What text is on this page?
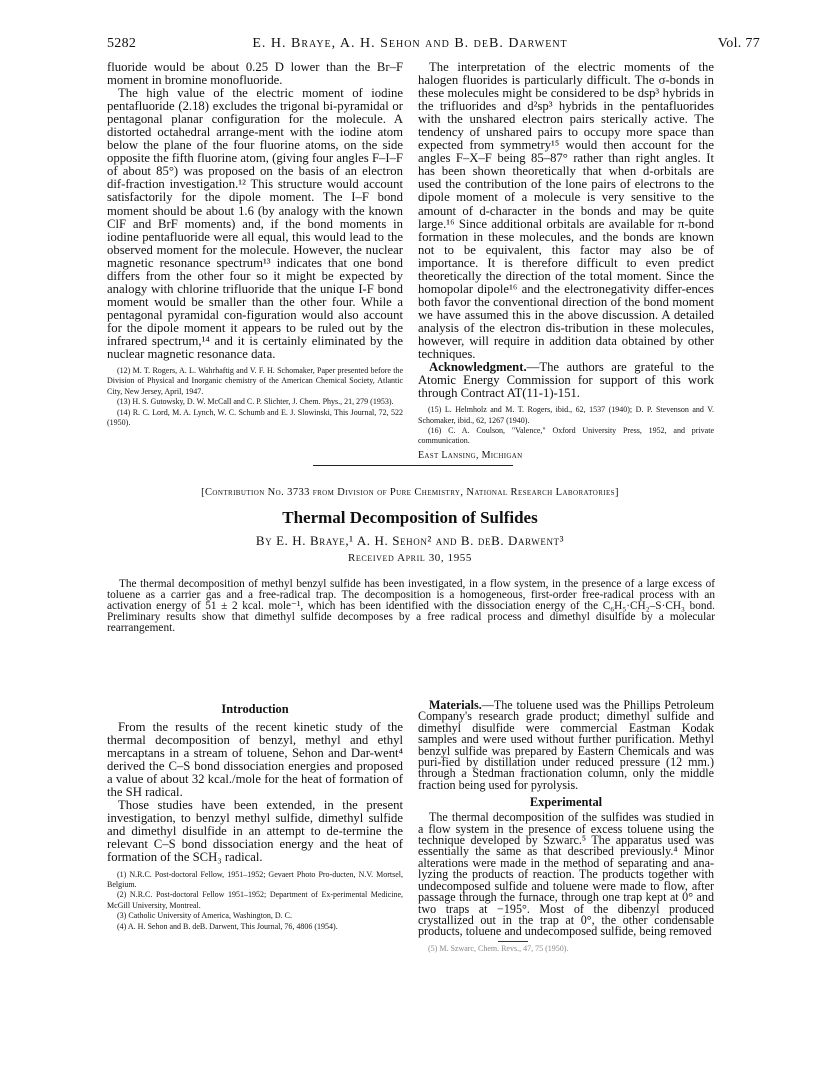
5282	E. H. Braye, A. H. Sehon and B. deB. Darwent	Vol. 77

fluoride would be about 0.25 D lower than the Br–F moment in bromine monofluoride.

The high value of the electric moment of iodine pentafluoride (2.18) excludes the trigonal bi-pyramidal or pentagonal planar configuration for the molecule. A distorted octahedral arrange-ment with the iodine atom below the plane of the four fluorine atoms, on the side opposite the fifth fluorine atom, (giving four angles F–I–F of about 85°) was proposed on the basis of an electron dif-fraction investigation.¹² This structure would account satisfactorily for the dipole moment. The I–F bond moment should be about 1.6 (by analogy with the known ClF and BrF moments) and, if the bond moments in iodine pentafluoride were all equal, this would lead to the observed moment for the molecule. However, the nuclear magnetic resonance spectrum¹³ indicates that one bond differs from the other four so it might be expected by analogy with chlorine trifluoride that the unique I-F bond moment would be smaller than the other four. While a pentagonal pyramidal con-figuration would also account for the dipole moment it appears to be ruled out by the infrared spectrum,¹⁴ and it is certainly eliminated by the nuclear magnetic resonance data.

(12) M. T. Rogers, A. L. Wahrhaftig and V. F. H. Schomaker, Paper presented before the Division of Physical and Inorganic chemistry of the American Chemical Society, Atlantic City, New Jersey, April, 1947.

(13) H. S. Gutowsky, D. W. McCall and C. P. Slichter, J. Chem. Phys., 21, 279 (1953).

(14) R. C. Lord, M. A. Lynch, W. C. Schumb and E. J. Slowinski, This Journal, 72, 522 (1950).

The interpretation of the electric moments of the halogen fluorides is particularly difficult. The σ-bonds in these molecules might be considered to be dsp³ hybrids in the trifluorides and d²sp³ hybrids in the pentafluorides with the unshared electron pairs sterically active. The tendency of unshared pairs to occupy more space than expected from symmetry¹⁵ would then account for the angles F–X–F being 85–87° rather than right angles. It has been shown theoretically that when d-orbitals are used the contribution of the lone pairs of electrons to the dipole moment of a molecule is very sensitive to the amount of d-character in the bonds and may be quite large.¹⁶ Since additional orbitals are available for π-bond formation in these molecules, and the bonds are known not to be equivalent, this factor may also be of importance. It is therefore difficult to even predict theoretically the direction of the total moment. Since the homopolar dipole¹⁶ and the electronegativity differ-ences both favor the conventional direction of the bond moment we have assumed this in the above discussion. A detailed analysis of the electron dis-tribution in these molecules, however, will require in addition data obtained by other techniques.

Acknowledgment.—The authors are grateful to the Atomic Energy Commission for support of this work through Contract AT(11-1)-151.

(15) L. Helmholz and M. T. Rogers, ibid., 62, 1537 (1940); D. P. Stevenson and V. Schomaker, ibid., 62, 1267 (1940).

(16) C. A. Coulson, "Valence," Oxford University Press, 1952, and private communication.

East Lansing, Michigan

[Contribution No. 3733 from Division of Pure Chemistry, National Research Laboratories]
Thermal Decomposition of Sulfides
By E. H. Braye,¹ A. H. Sehon² and B. deB. Darwent³
Received April 30, 1955

The thermal decomposition of methyl benzyl sulfide has been investigated, in a flow system, in the presence of a large excess of toluene as a carrier gas and a free-radical trap. The decomposition is a homogeneous, first-order free-radical process with an activation energy of 51 ± 2 kcal. mole⁻¹, which has been identified with the dissociation energy of the C₆H₅·CH₂–S·CH₃ bond. Preliminary results show that dimethyl sulfide decomposes by a free radical process and dimethyl disulfide by a molecular rearrangement.

Introduction

From the results of the recent kinetic study of the thermal decomposition of benzyl, methyl and ethyl mercaptans in a stream of toluene, Sehon and Dar-went⁴ derived the C–S bond dissociation energies and proposed a value of about 32 kcal./mole for the heat of formation of the SH radical.

Those studies have been extended, in the present investigation, to benzyl methyl sulfide, dimethyl sulfide and dimethyl disulfide in an attempt to de-termine the relevant C–S bond dissociation energy and the heat of formation of the SCH₃ radical.

(1) N.R.C. Post-doctoral Fellow, 1951–1952; Gevaert Photo Pro-ducten, N.V. Mortsel, Belgium.

(2) N.R.C. Post-doctoral Fellow 1951–1952; Department of Ex-perimental Medicine, McGill University, Montreal.

(3) Catholic University of America, Washington, D. C.

(4) A. H. Sehon and B. deB. Darwent, This Journal, 76, 4806 (1954).

Materials.—The toluene used was the Phillips Petroleum Company's research grade product; dimethyl sulfide and dimethyl disulfide were commercial Eastman Kodak samples and were used without further purification. Methyl benzyl sulfide was prepared by Eastern Chemicals and was puri-fied by distillation under reduced pressure (12 mm.) through a Stedman fractionation column, only the middle fraction being used for pyrolysis.

Experimental

The thermal decomposition of the sulfides was studied in a flow system in the presence of excess toluene using the technique developed by Szwarc.⁵ The apparatus used was essentially the same as that described previously.⁴ Minor alterations were made in the method of separating and ana-lyzing the products of reaction. The products together with undecomposed sulfide and toluene were made to flow, after passage through the furnace, through one trap kept at 0° and two traps at −195°. Most of the dibenzyl produced crystallized out in the trap at 0°, the other condensable products, toluene and undecomposed sulfide, being removed

(5) M. Szwarc, Chem. Revs., 47, 75 (1950).
